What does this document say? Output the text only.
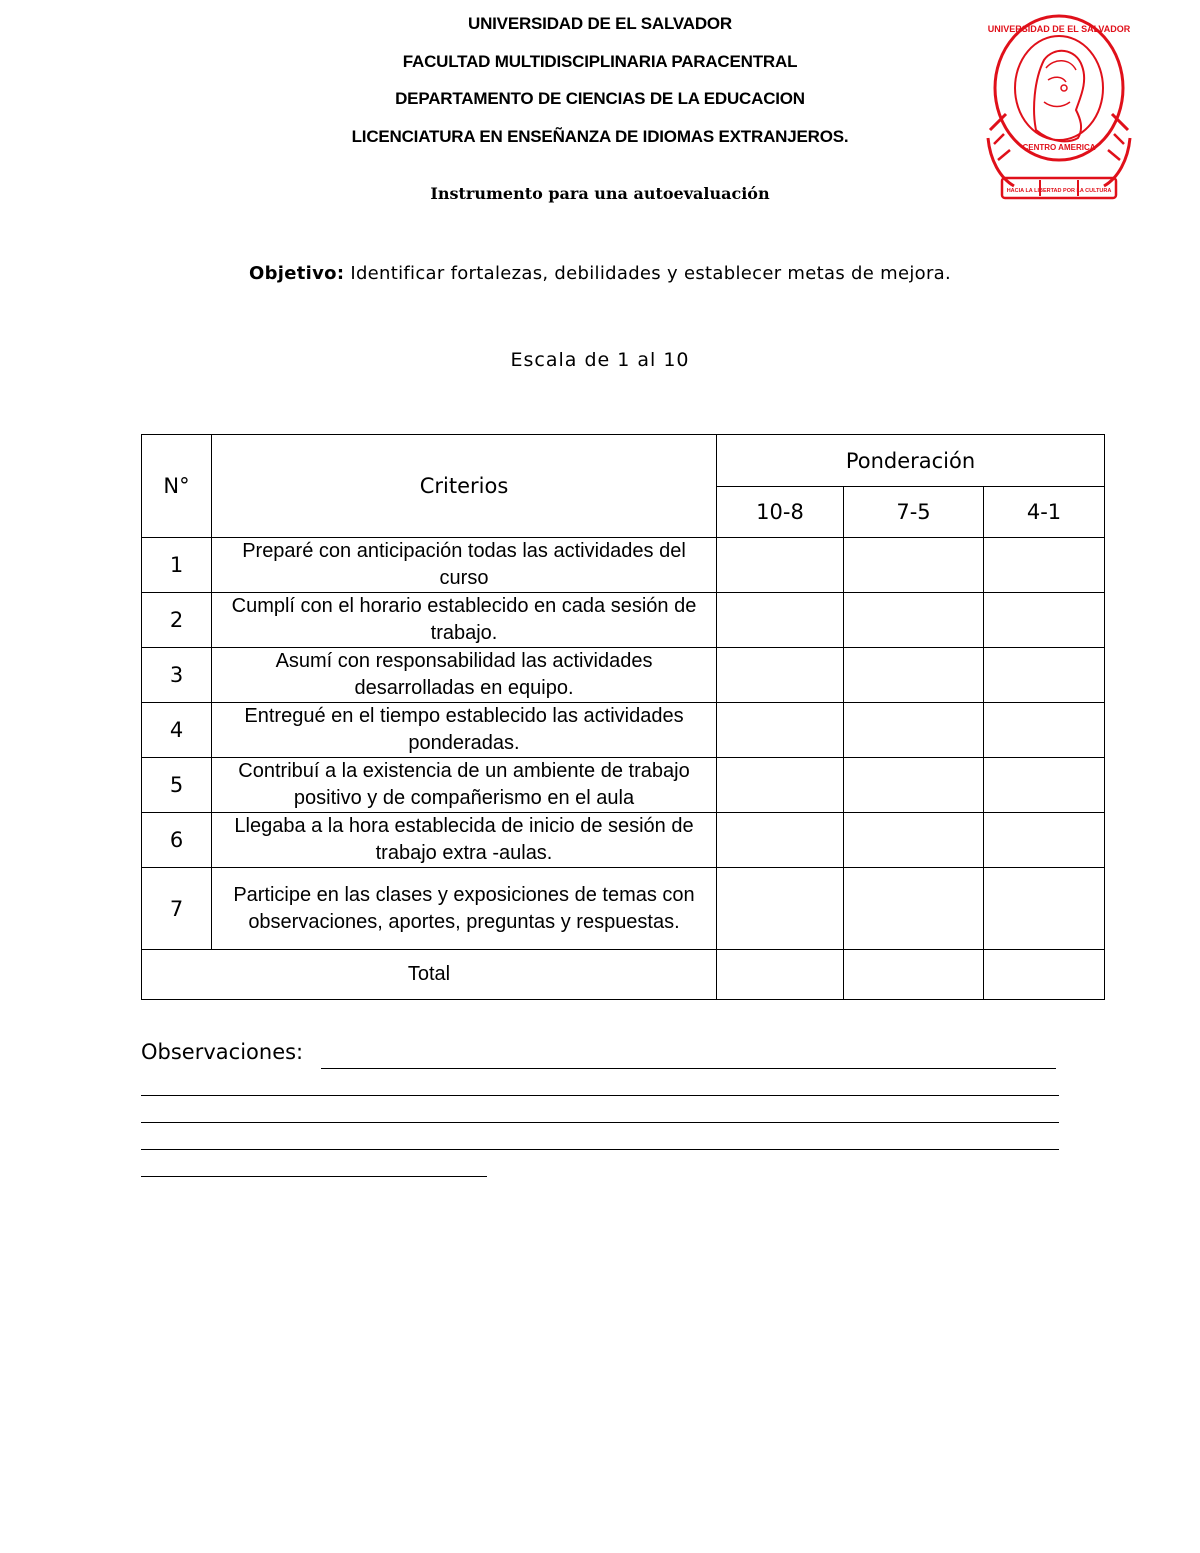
UNIVERSIDAD DE EL SALVADOR
FACULTAD MULTIDISCIPLINARIA PARACENTRAL
DEPARTAMENTO DE CIENCIAS DE LA EDUCACION
LICENCIATURA EN ENSEÑANZA DE IDIOMAS EXTRANJEROS.
UNIVERSIDAD DE EL SALVADOR
CENTRO AMERICA
HACIA LA LIBERTAD POR LA CULTURA
Instrumento para una autoevaluación
Objetivo: Identificar fortalezas, debilidades y establecer metas de mejora.
Escala de 1 al 10
N°	Criterios	Ponderación		
		10-8	7-5	4-1
1	Preparé con anticipación todas las actividades del curso			
2	Cumplí con el horario establecido en cada sesión de trabajo.			
3	Asumí con responsabilidad las actividades desarrolladas en equipo.			
4	Entregué en el tiempo establecido las actividades ponderadas.			
5	Contribuí a la existencia de un ambiente de trabajo positivo y de compañerismo en el aula			
6	Llegaba a la hora establecida de inicio de sesión de trabajo extra -aulas.			
7	Participe en las clases y exposiciones de temas con observaciones, aportes, preguntas y respuestas.			
Total				
Observaciones:
